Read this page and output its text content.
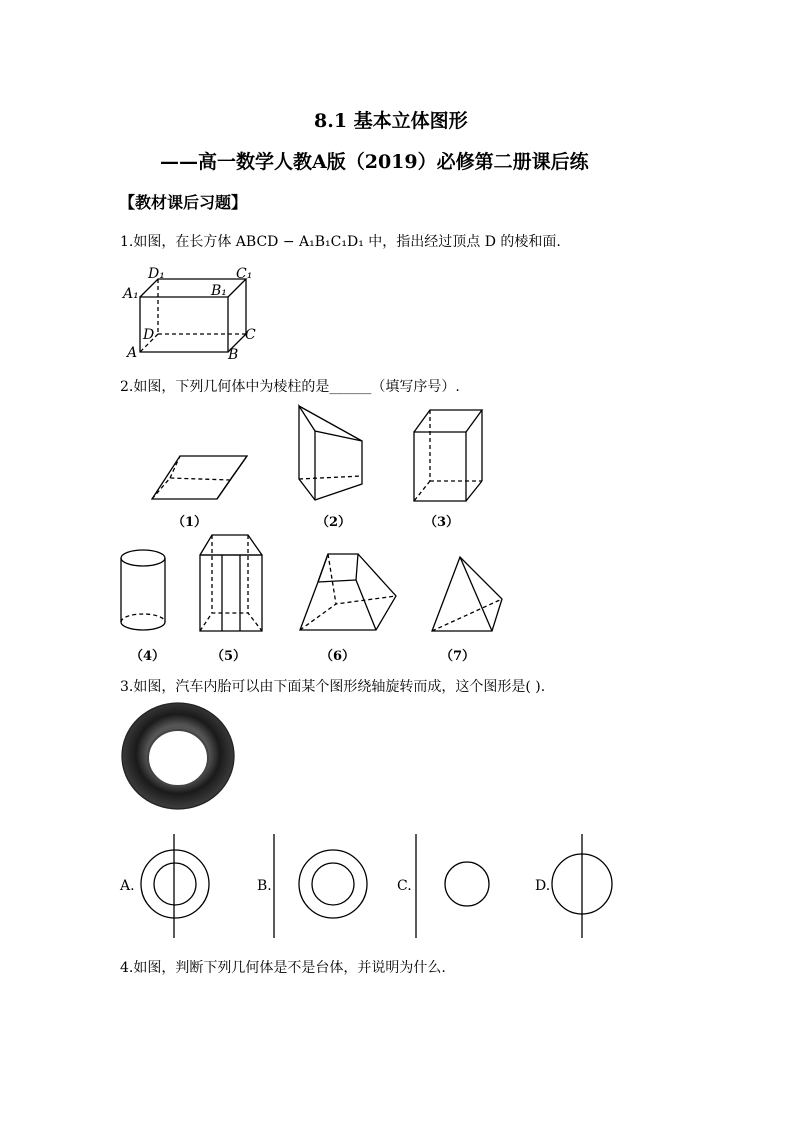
8.1 基本立体图形
——高一数学人教A版（2019）必修第二册课后练
【教材课后习题】
1.如图，在长方体 ABCD − A₁B₁C₁D₁ 中，指出经过顶点 D 的棱和面.
D₁	C₁
A₁	B₁
D	C
A	B
2.如图，下列几何体中为棱柱的是______（填写序号）.
（1）	（2）	（3）
（4）	（5）	（6）	（7）
3.如图，汽车内胎可以由下面某个图形绕轴旋转而成，这个图形是( ).
A.	B.	C.	D.
4.如图，判断下列几何体是不是台体，并说明为什么.
